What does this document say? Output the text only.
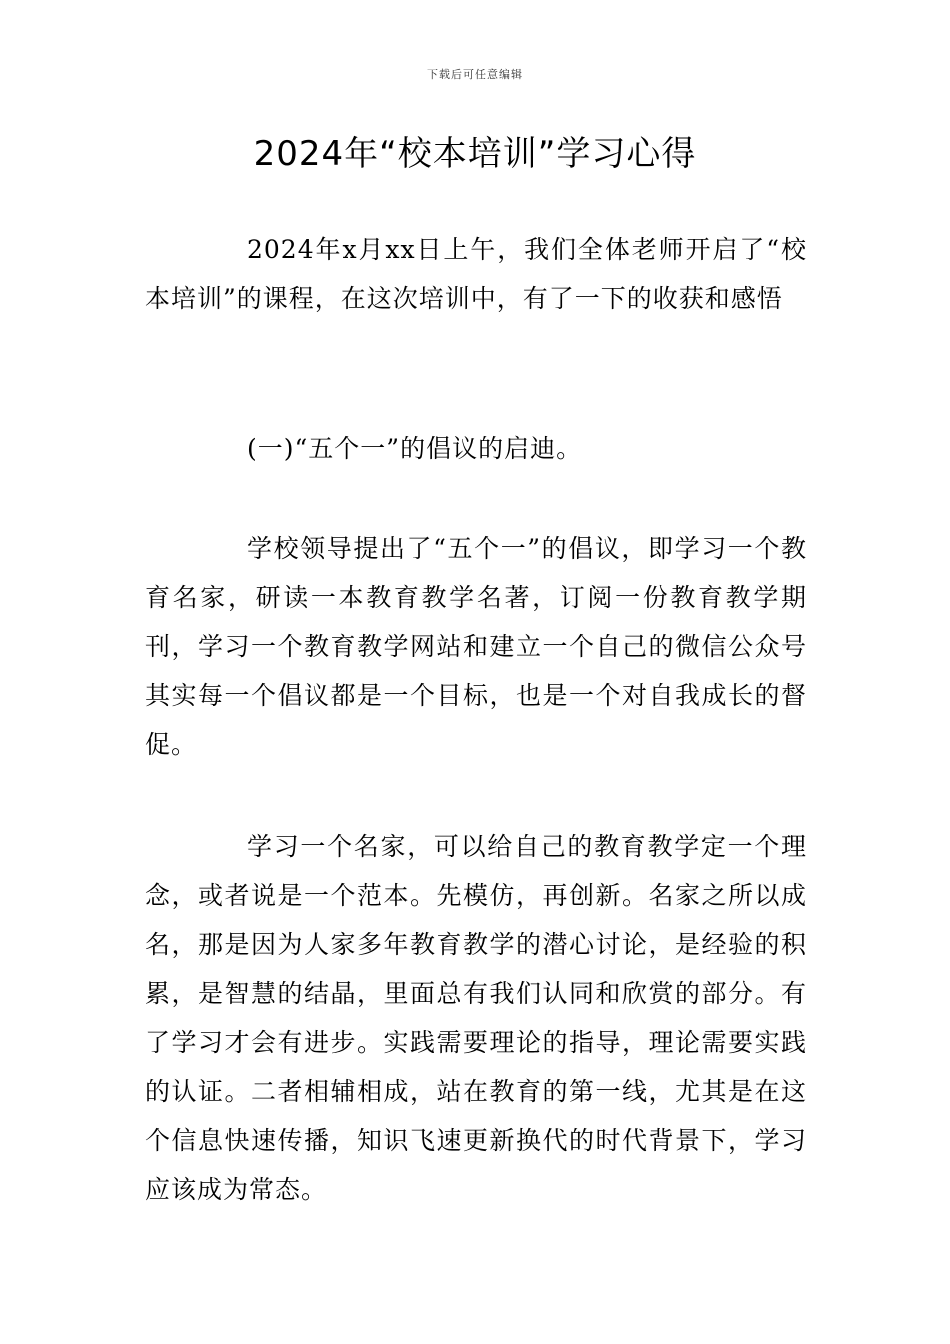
下载后可任意编辑
2024年“校本培训”学习心得

2024年x月xx日上午，我们全体老师开启了“校本培训”的课程，在这次培训中，有了一下的收获和感悟

(一)“五个一”的倡议的启迪。

学校领导提出了“五个一”的倡议，即学习一个教育名家，研读一本教育教学名著，订阅一份教育教学期刊，学习一个教育教学网站和建立一个自己的微信公众号其实每一个倡议都是一个目标，也是一个对自我成长的督促。

学习一个名家，可以给自己的教育教学定一个理念，或者说是一个范本。先模仿，再创新。名家之所以成名，那是因为人家多年教育教学的潜心讨论，是经验的积累，是智慧的结晶，里面总有我们认同和欣赏的部分。有了学习才会有进步。实践需要理论的指导，理论需要实践的认证。二者相辅相成，站在教育的第一线，尤其是在这个信息快速传播，知识飞速更新换代的时代背景下，学习应该成为常态。
